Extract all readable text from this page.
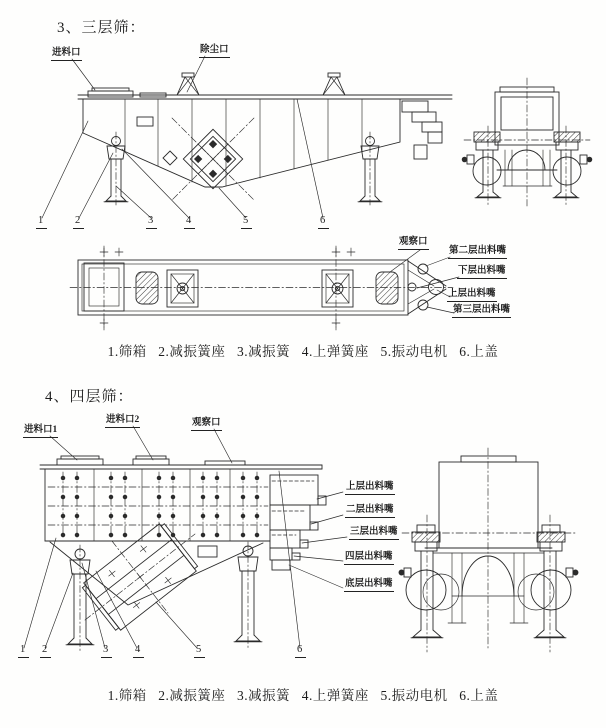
3、三层筛：
4、四层筛：
进料口	除尘口
观察口
第二层出料嘴
下层出料嘴
上层出料嘴
第三层出料嘴
1	2	3	4	5	6
1.筛箱   2.减振簧座   3.减振簧   4.上弹簧座   5.振动电机   6.上盖
进料口1
进料口2	观察口
上层出料嘴
二层出料嘴
三层出料嘴
四层出料嘴
底层出料嘴
1	2	3	4	5	6
1.筛箱   2.减振簧座   3.减振簧   4.上弹簧座   5.振动电机   6.上盖
